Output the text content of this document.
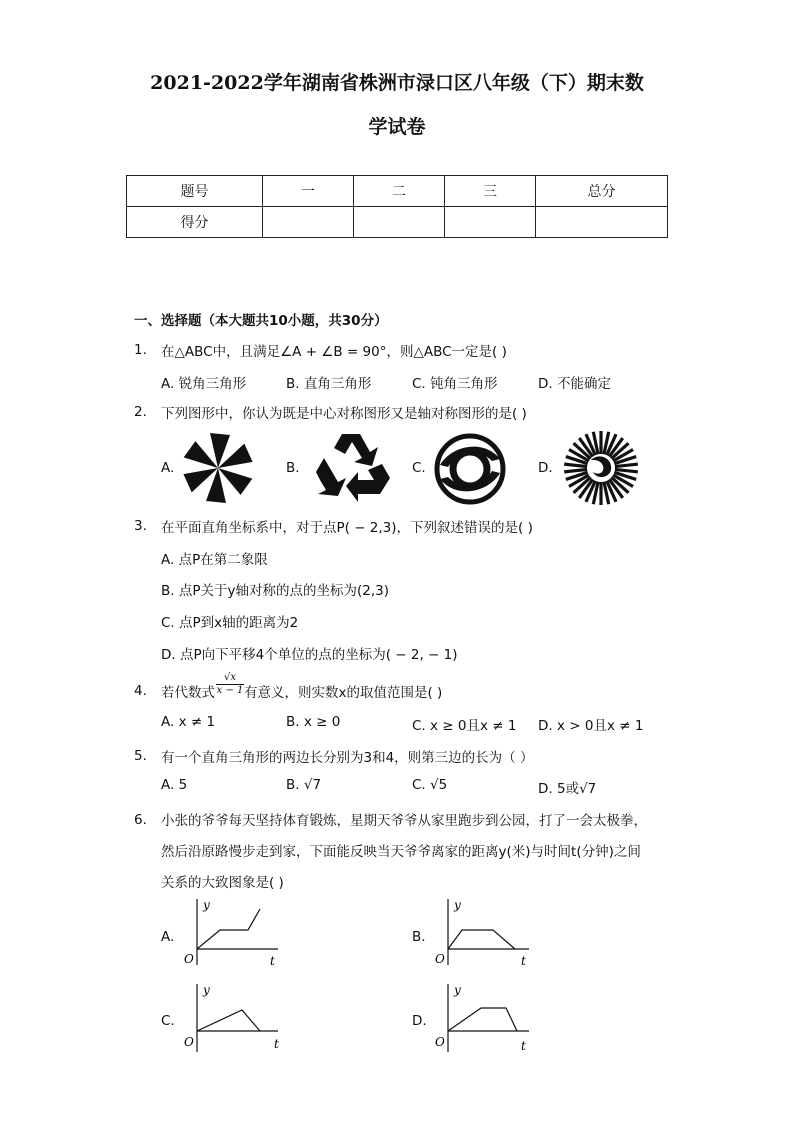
2021-2022学年湖南省株洲市渌口区八年级（下）期末数
学试卷
题号	一	二	三	总分
得分				
一、选择题（本大题共10小题，共30分）
1. 在△ABC中，且满足∠A + ∠B = 90°，则△ABC一定是( )
A. 锐角三角形	B. 直角三角形	C. 钝角三角形	D. 不能确定
2. 下列图形中，你认为既是中心对称图形又是轴对称图形的是( )
A.	B.	C.	D.
3. 在平面直角坐标系中，对于点P( − 2,3)，下列叙述错误的是( )
A. 点P在第二象限
B. 点P关于y轴对称的点的坐标为(2,3)
C. 点P到x轴的距离为2
D. 点P向下平移4个单位的点的坐标为( − 2, − 1)
4. 若代数式 $\frac{√x}{x - 1}$ 有意义，则实数x的取值范围是( )
A. x ≠ 1	B. x ≥ 0	C. x ≥ 0且x ≠ 1 D. x > 0且x ≠ 1
5. 有一个直角三角形的两边长分别为3和4，则第三边的长为（ ）
A. 5	B. √7	C. √5	D. 5或√7
6. 小张的爷爷每天坚持体育锻炼，星期天爷爷从家里跑步到公园，打了一会太极拳，
然后沿原路慢步走到家，下面能反映当天爷爷离家的距离y(米)与时间t(分钟)之间
关系的大致图象是( )
A.	B.
C.	D.
y
t
O
y
t
O
y
t
O
y
t
O
